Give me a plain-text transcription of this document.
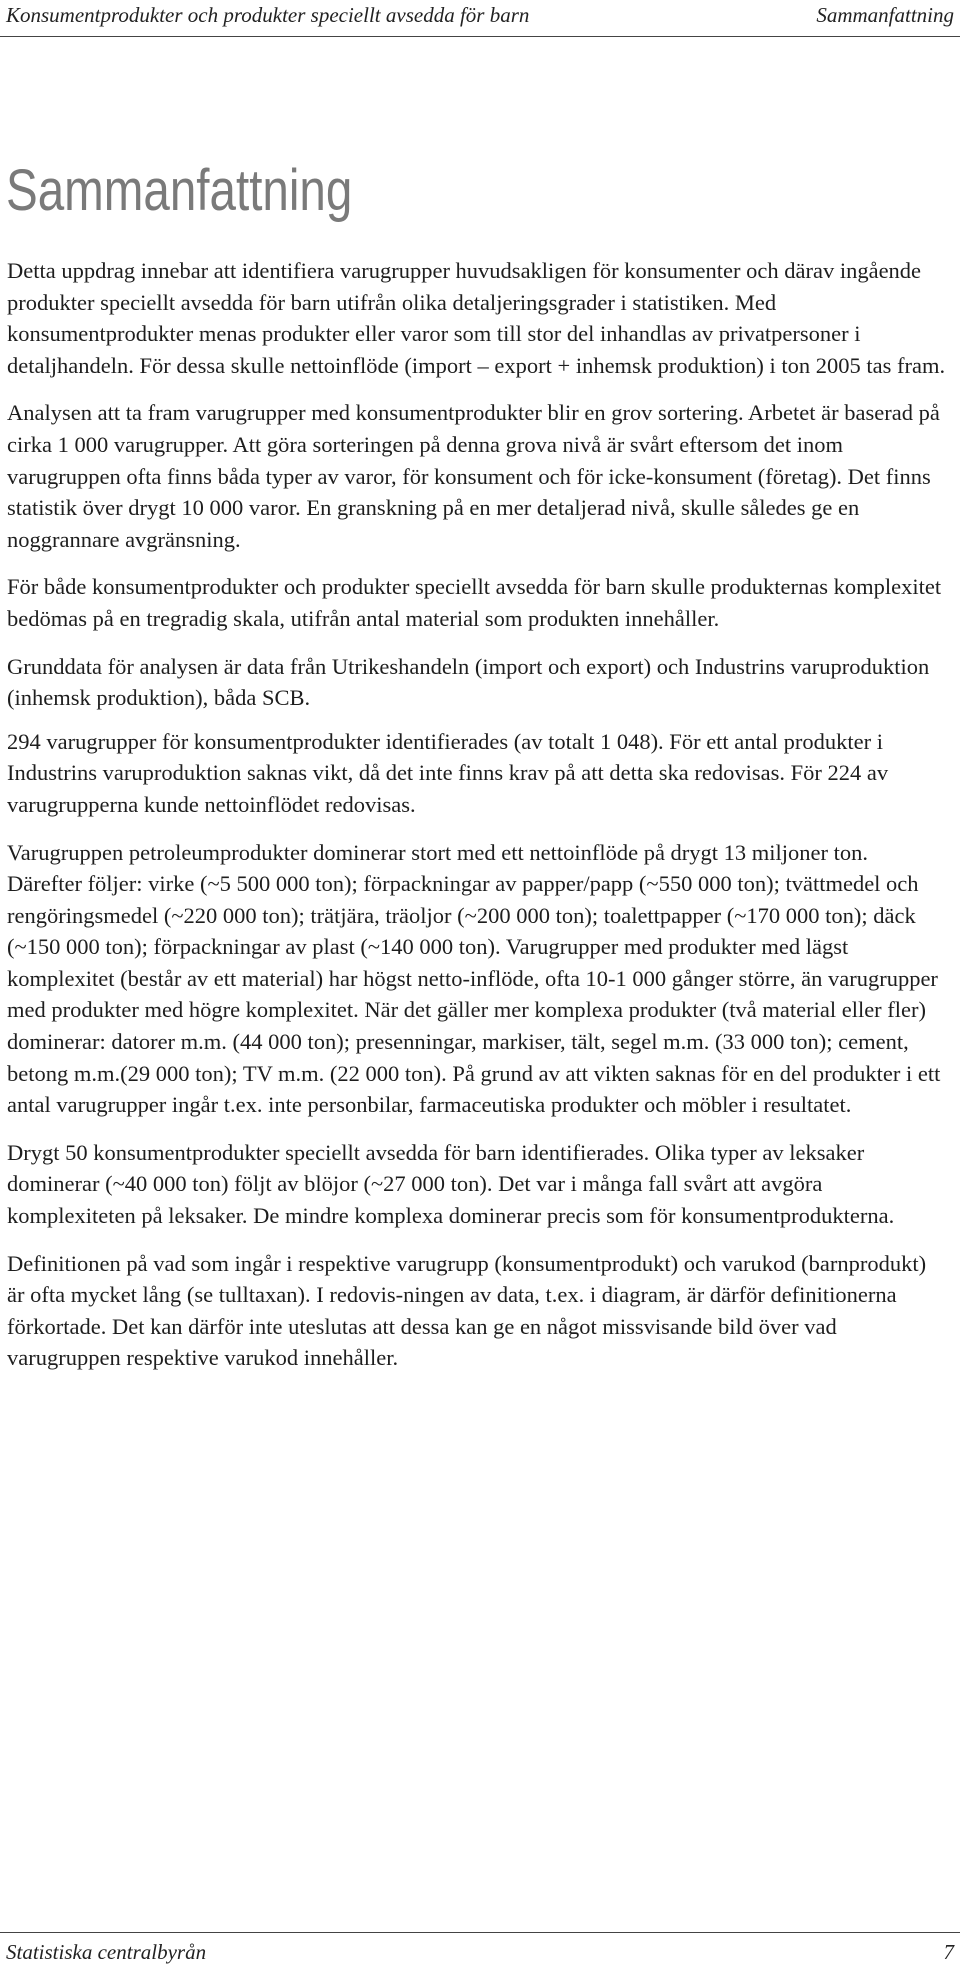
Konsumentprodukter och produkter speciellt avsedda för barn	Sammanfattning
Sammanfattning

Detta uppdrag innebar att identifiera varugrupper huvudsakligen för konsumenter och därav ingående produkter speciellt avsedda för barn utifrån olika detaljeringsgrader i statistiken. Med konsumentprodukter menas produkter eller varor som till stor del inhandlas av privatpersoner i detaljhandeln. För dessa skulle nettoinflöde (import – export + inhemsk produktion) i ton 2005 tas fram.

Analysen att ta fram varugrupper med konsumentprodukter blir en grov sortering. Arbetet är baserad på cirka 1 000 varugrupper. Att göra sorteringen på denna grova nivå är svårt eftersom det inom varugruppen ofta finns båda typer av varor, för konsument och för icke-konsument (företag). Det finns statistik över drygt 10 000 varor. En granskning på en mer detaljerad nivå, skulle således ge en noggrannare avgränsning.

För både konsumentprodukter och produkter speciellt avsedda för barn skulle produkternas komplexitet bedömas på en tregradig skala, utifrån antal material som produkten innehåller.

Grunddata för analysen är data från Utrikeshandeln (import och export) och Industrins varuproduktion (inhemsk produktion), båda SCB.

294 varugrupper för konsumentprodukter identifierades (av totalt 1 048). För ett antal produkter i Industrins varuproduktion saknas vikt, då det inte finns krav på att detta ska redovisas. För 224 av varugrupperna kunde nettoinflödet redovisas.

Varugruppen petroleumprodukter dominerar stort med ett nettoinflöde på drygt 13 miljoner ton. Därefter följer: virke (~5 500 000 ton); förpackningar av papper/papp (~550 000 ton); tvättmedel och rengöringsmedel (~220 000 ton); trätjära, träoljor (~200 000 ton); toalettpapper (~170 000 ton); däck (~150 000 ton); förpackningar av plast (~140 000 ton). Varugrupper med produkter med lägst komplexitet (består av ett material) har högst netto-inflöde, ofta 10-1 000 gånger större, än varugrupper med produkter med högre komplexitet. När det gäller mer komplexa produkter (två material eller fler) dominerar: datorer m.m. (44 000 ton); presenningar, markiser, tält, segel m.m. (33 000 ton); cement, betong m.m.(29 000 ton); TV m.m. (22 000 ton). På grund av att vikten saknas för en del produkter i ett antal varugrupper ingår t.ex. inte personbilar, farmaceutiska produkter och möbler i resultatet.

Drygt 50 konsumentprodukter speciellt avsedda för barn identifierades. Olika typer av leksaker dominerar (~40 000 ton) följt av blöjor (~27 000 ton). Det var i många fall svårt att avgöra komplexiteten på leksaker. De mindre komplexa dominerar precis som för konsumentprodukterna.

Definitionen på vad som ingår i respektive varugrupp (konsumentprodukt) och varukod (barnprodukt) är ofta mycket lång (se tulltaxan). I redovis-ningen av data, t.ex. i diagram, är därför definitionerna förkortade. Det kan därför inte uteslutas att dessa kan ge en något missvisande bild över vad varugruppen respektive varukod innehåller.

Statistiska centralbyrån	7
